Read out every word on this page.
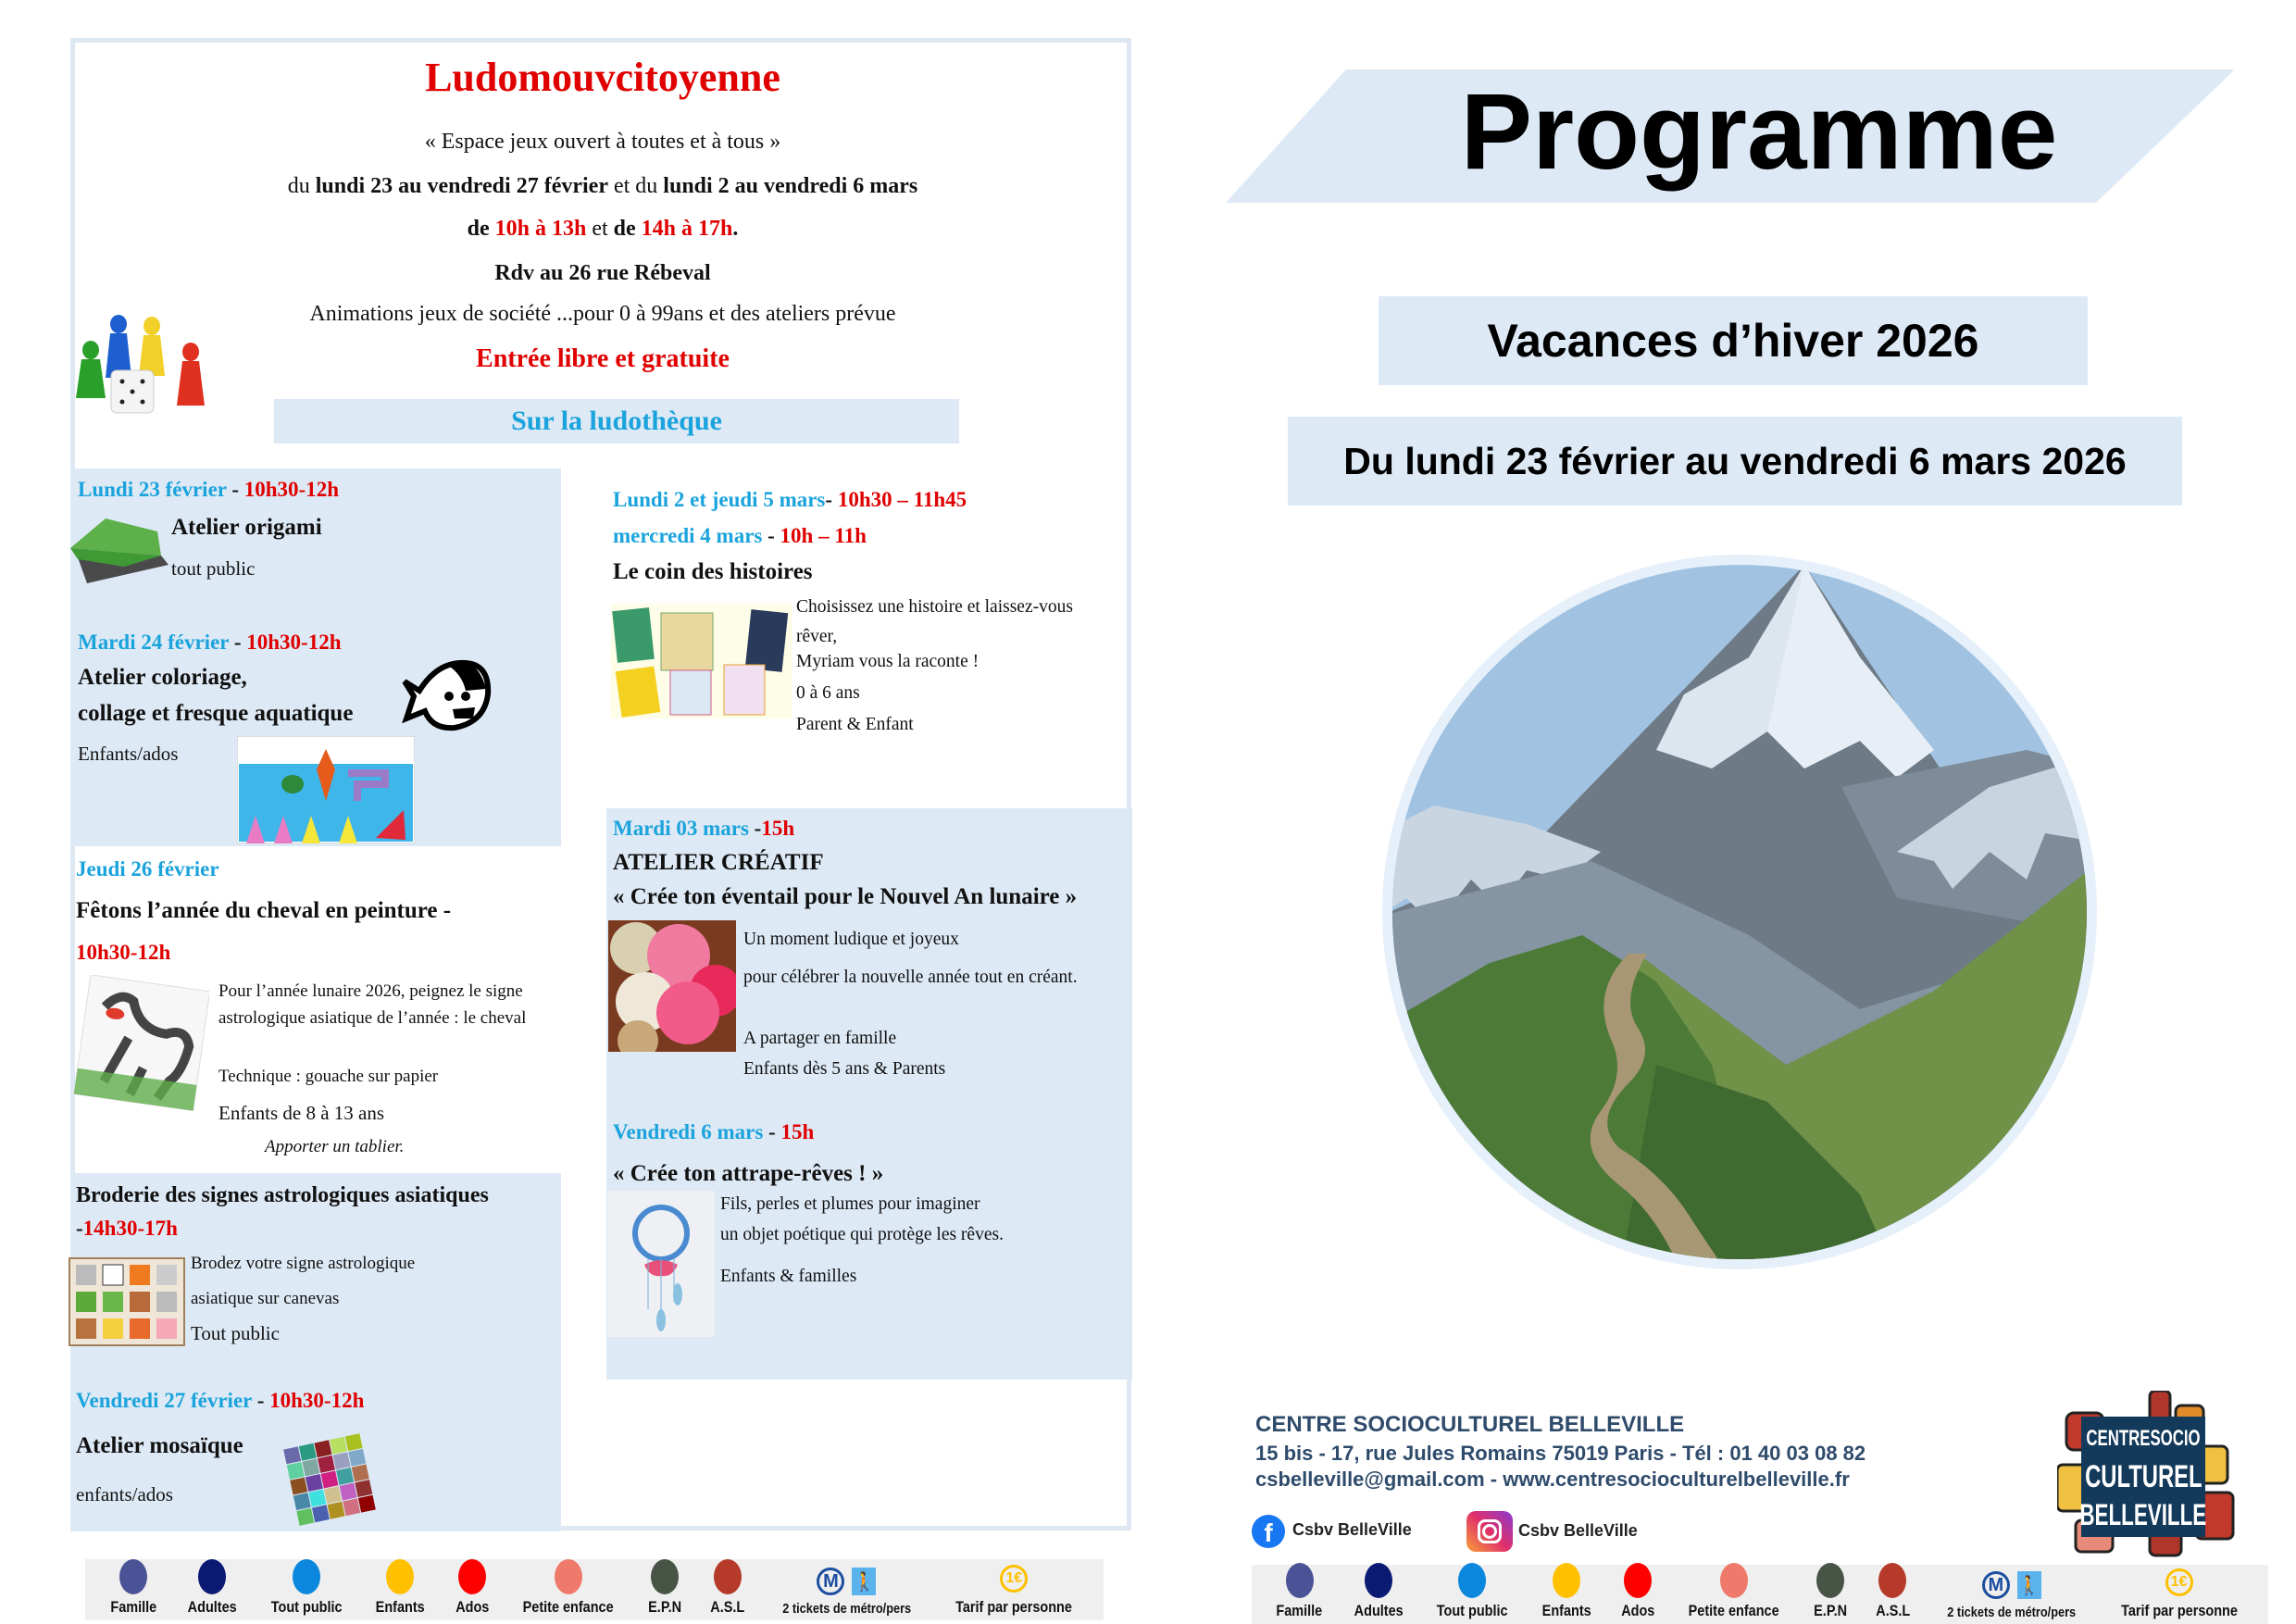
Ludomouvcitoyenne
« Espace jeux ouvert à toutes et à tous »
du lundi 23 au vendredi 27 février et du lundi 2 au vendredi 6 mars
de 10h à 13h et de 14h à 17h.
Rdv au 26 rue Rébeval
Animations jeux de société ...pour 0 à 99ans et des ateliers prévue
Entrée libre et gratuite
Sur la ludothèque
Lundi 23 février - 10h30-12h
Atelier origami
tout public
Mardi 24 février - 10h30-12h
Atelier coloriage,
collage et fresque aquatique
Enfants/ados
Jeudi 26 février
Fêtons l’année du cheval en peinture -
10h30-12h
Pour l’année lunaire 2026, peignez le signe astrologique asiatique de l’année : le cheval
Technique : gouache sur papier
Enfants de 8 à 13 ans
Apporter un tablier.
Broderie des signes astrologiques asiatiques
-14h30-17h
Brodez votre signe astrologique
asiatique sur canevas
Tout public
Vendredi 27 février - 10h30-12h
Atelier mosaïque
enfants/ados
Lundi 2 et jeudi 5 mars- 10h30 – 11h45
mercredi 4 mars - 10h – 11h
Le coin des histoires
Choisissez une histoire et laissez-vous rêver,
Myriam vous la raconte !
0 à 6 ans
Parent & Enfant
Mardi 03 mars -15h
ATELIER CRÉATIF
« Crée ton éventail pour le Nouvel An lunaire »
Un moment ludique et joyeux
pour célébrer la nouvelle année tout en créant.
A partager en famille
Enfants dès 5 ans & Parents
Vendredi 6 mars - 15h
« Crée ton attrape-rêves ! »
Fils, perles et plumes pour imaginer
un objet poétique qui protège les rêves.
Enfants & familles
Famille Adultes Tout public Enfants Ados Petite enfance E.P.N A.S.L
M 🚶
2 tickets de métro/pers
1€
Tarif par personne
Programme
Vacances d’hiver 2026
Du lundi 23 février au vendredi 6 mars 2026
CENTRE SOCIOCULTUREL BELLEVILLE
15 bis - 17, rue Jules Romains 75019 Paris - Tél : 01 40 03 08 82
csbelleville@gmail.com - www.centresocioculturelbelleville.fr
f Csbv BelleVille	Csbv BelleVille
CENTRESOCIO
CULTUREL
BELLEVILLE
Famille Adultes Tout public Enfants Ados Petite enfance E.P.N A.S.L
M 🚶
2 tickets de métro/pers
1€
Tarif par personne
